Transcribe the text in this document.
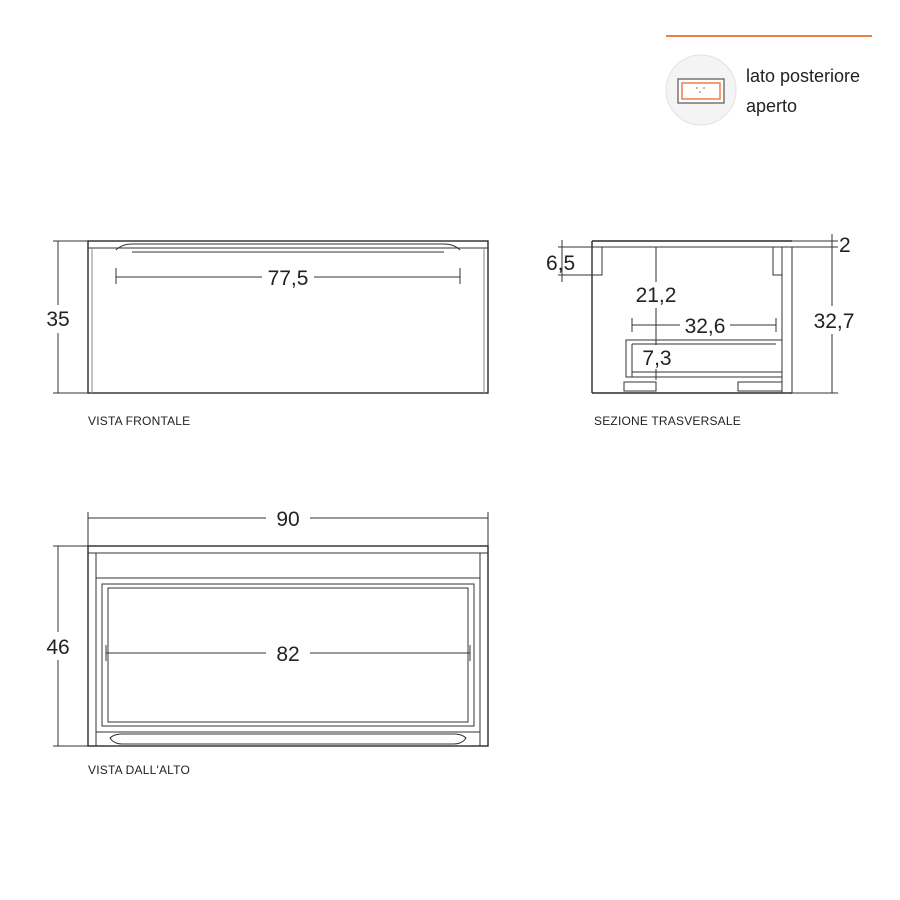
lato posteriore
aperto
35
77,5
VISTA FRONTALE
2
32,7
6,5
21,2
32,6
7,3
SEZIONE TRASVERSALE
90
46	82
VISTA DALL'ALTO
